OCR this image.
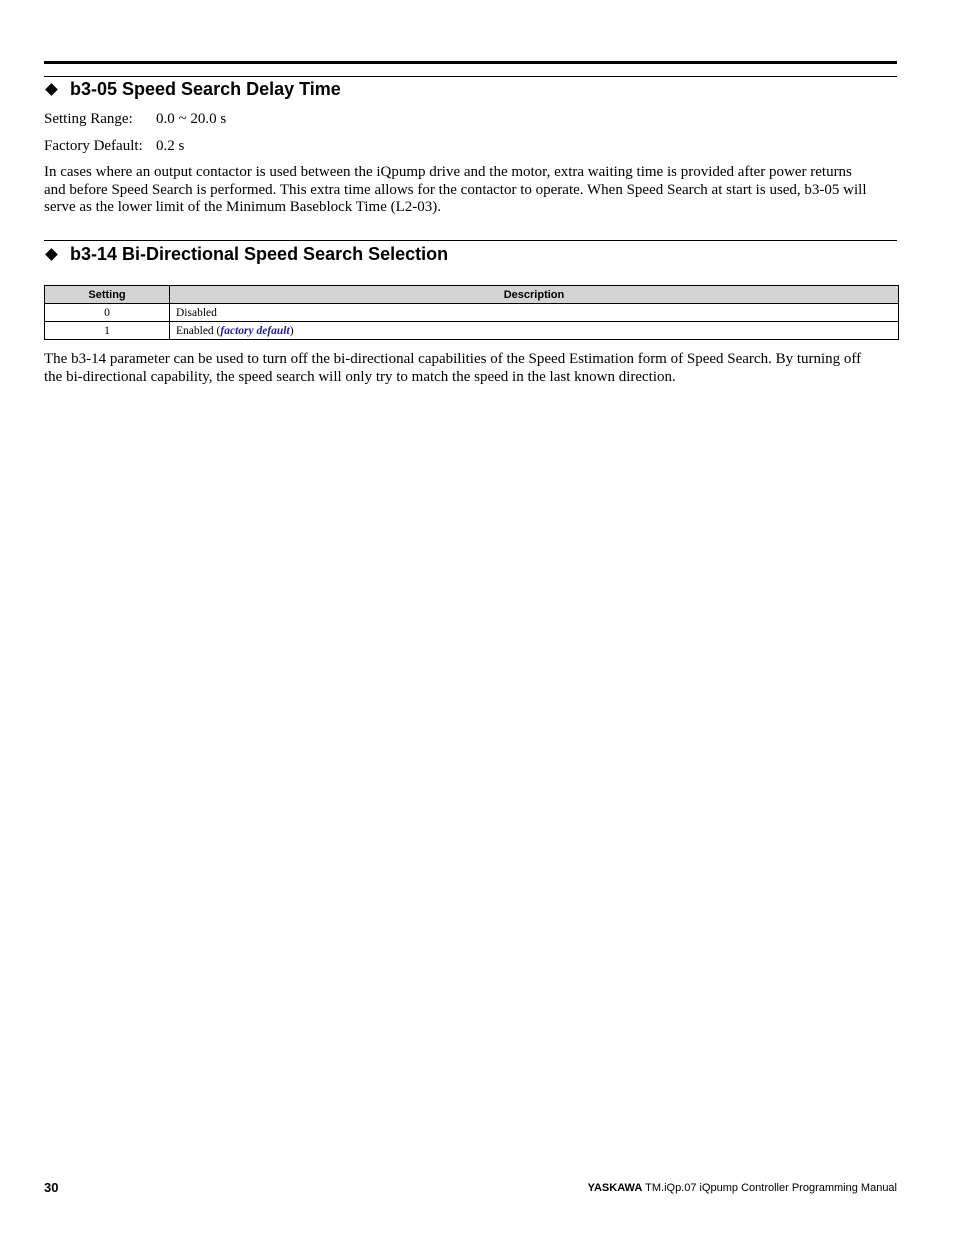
b3-05 Speed Search Delay Time
Setting Range: 0.0 ~ 20.0 s
Factory Default: 0.2 s
In cases where an output contactor is used between the iQpump drive and the motor, extra waiting time is provided after power returns
and before Speed Search is performed. This extra time allows for the contactor to operate. When Speed Search at start is used, b3-05 will
serve as the lower limit of the Minimum Baseblock Time (L2-03).
b3-14 Bi-Directional Speed Search Selection
Setting	Description
0	Disabled
1	Enabled (factory default)
The b3-14 parameter can be used to turn off the bi-directional capabilities of the Speed Estimation form of Speed Search. By turning off
the bi-directional capability, the speed search will only try to match the speed in the last known direction.
30	YASKAWA TM.iQp.07 iQpump Controller Programming Manual
